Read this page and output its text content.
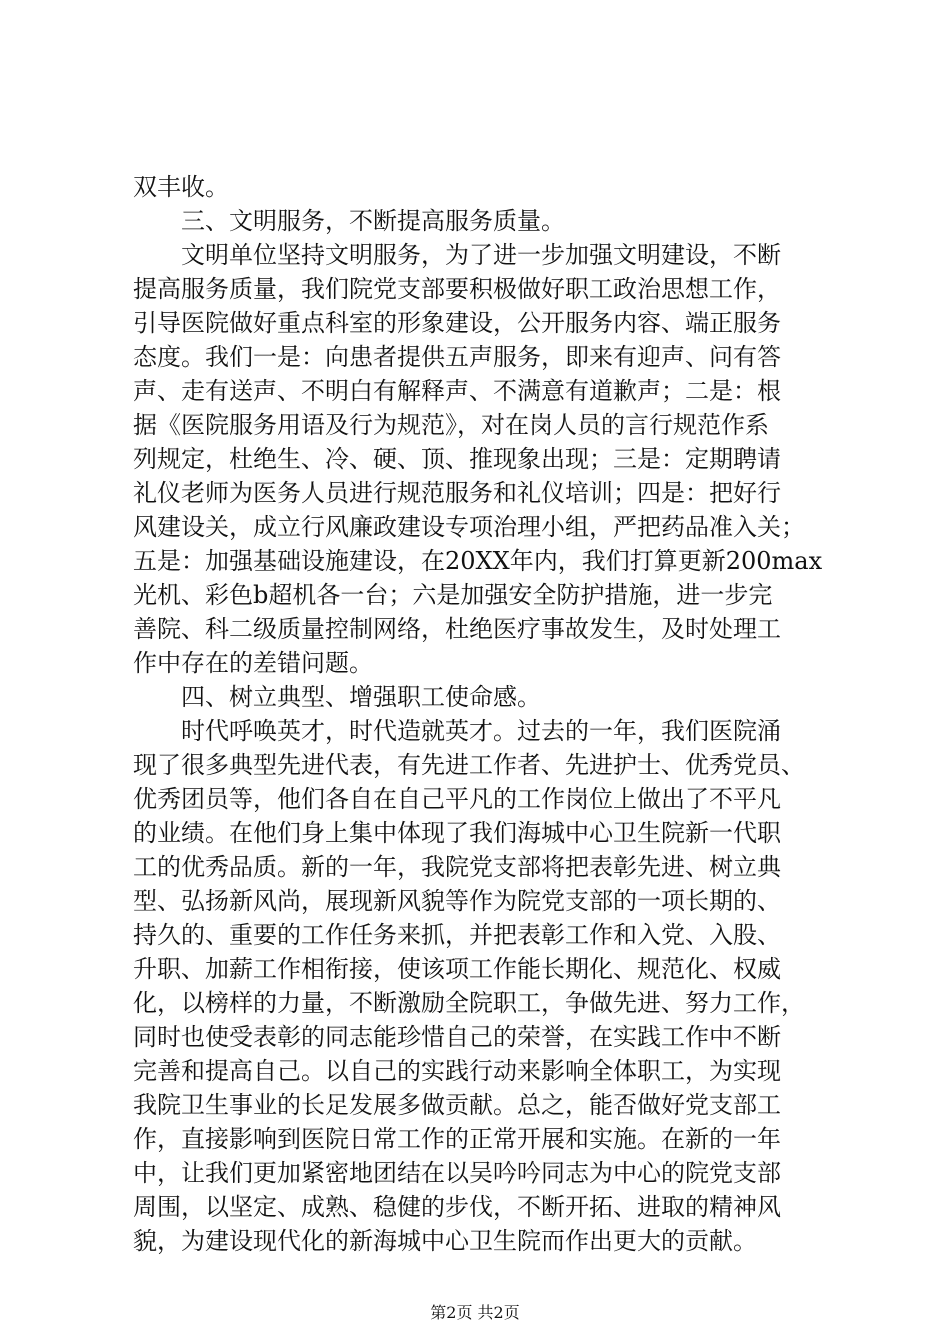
双丰收。
三、文明服务，不断提高服务质量。
文明单位坚持文明服务，为了进一步加强文明建设，不断
提高服务质量，我们院党支部要积极做好职工政治思想工作，
引导医院做好重点科室的形象建设，公开服务内容、端正服务
态度。我们一是：向患者提供五声服务，即来有迎声、问有答
声、走有送声、不明白有解释声、不满意有道歉声；二是：根
据《医院服务用语及行为规范》，对在岗人员的言行规范作系
列规定，杜绝生、冷、硬、顶、推现象出现；三是：定期聘请
礼仪老师为医务人员进行规范服务和礼仪培训；四是：把好行
风建设关，成立行风廉政建设专项治理小组，严把药品准入关；
五是：加强基础设施建设，在20XX年内，我们打算更新200max
光机、彩色b超机各一台；六是加强安全防护措施，进一步完
善院、科二级质量控制网络，杜绝医疗事故发生，及时处理工
作中存在的差错问题。
四、树立典型、增强职工使命感。
时代呼唤英才，时代造就英才。过去的一年，我们医院涌
现了很多典型先进代表，有先进工作者、先进护士、优秀党员、
优秀团员等，他们各自在自己平凡的工作岗位上做出了不平凡
的业绩。在他们身上集中体现了我们海城中心卫生院新一代职
工的优秀品质。新的一年，我院党支部将把表彰先进、树立典
型、弘扬新风尚，展现新风貌等作为院党支部的一项长期的、
持久的、重要的工作任务来抓，并把表彰工作和入党、入股、
升职、加薪工作相衔接，使该项工作能长期化、规范化、权威
化，以榜样的力量，不断激励全院职工，争做先进、努力工作，
同时也使受表彰的同志能珍惜自己的荣誉，在实践工作中不断
完善和提高自己。以自己的实践行动来影响全体职工，为实现
我院卫生事业的长足发展多做贡献。总之，能否做好党支部工
作，直接影响到医院日常工作的正常开展和实施。在新的一年
中，让我们更加紧密地团结在以吴吟吟同志为中心的院党支部
周围，以坚定、成熟、稳健的步伐，不断开拓、进取的精神风
貌，为建设现代化的新海城中心卫生院而作出更大的贡献。
第2页 共2页
